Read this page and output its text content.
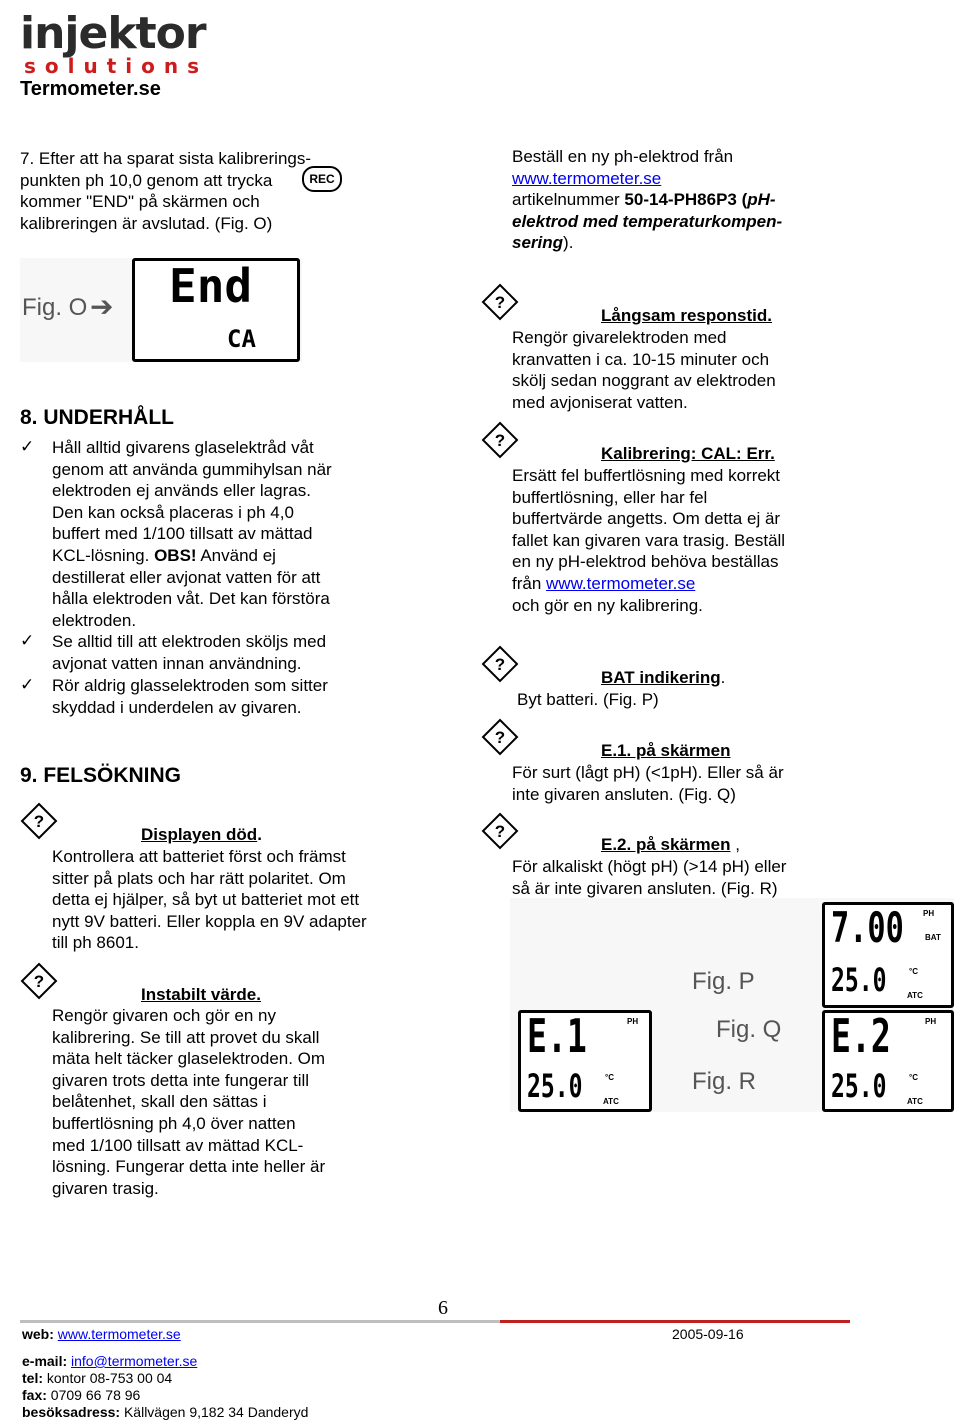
injektor
solutions
Termometer.se
7. Efter att ha sparat sista kalibrerings-
punkten ph 10,0 genom att trycka
kommer "END" på skärmen och
kalibreringen är avslutad. (Fig. O)
REC
Fig. O ➔ End
CA
8. UNDERHÅLL
✓ Håll alltid givarens glaselektråd våt
genom att använda gummihylsan när
elektroden ej används eller lagras.
Den kan också placeras i ph 4,0
buffert med 1/100 tillsatt av mättad
KCL-lösning. OBS! Använd ej
destillerat eller avjonat vatten för att
hålla elektroden våt. Det kan förstöra
elektroden.
✓ Se alltid till att elektroden sköljs med
avjonat vatten innan användning.
✓ Rör aldrig glasselektroden som sitter
skyddad i underdelen av givaren.
9. FELSÖKNING
?
Displayen död.
Kontrollera att batteriet först och främst
sitter på plats och har rätt polaritet. Om
detta ej hjälper, så byt ut batteriet mot ett
nytt 9V batteri. Eller koppla en 9V adapter
till ph 8601.
?
Instabilt värde.
Rengör givaren och gör en ny
kalibrering. Se till att provet du skall
mäta helt täcker glaselektroden. Om
givaren trots detta inte fungerar till
belåtenhet, skall den sättas i
buffertlösning ph 4,0 över natten
med 1/100 tillsatt av mättad KCL-
lösning. Fungerar detta inte heller är
givaren trasig.
Beställ en ny ph-elektrod från
www.termometer.se
artikelnummer 50-14-PH86P3 (pH-
elektrod med temperaturkompen-
sering).
?
Långsam responstid.
Rengör givarelektroden med
kranvatten i ca. 10-15 minuter och
skölj sedan noggrant av elektroden
med avjoniserat vatten.
?
Kalibrering: CAL: Err.
Ersätt fel buffertlösning med korrekt
buffertlösning, eller har fel
buffertvärde angetts. Om detta ej är
fallet kan givaren vara trasig. Beställ
en ny pH-elektrod behöva beställas
från www.termometer.se
och gör en ny kalibrering.
?
BAT indikering.
Byt batteri. (Fig. P)
?
E.1. på skärmen
För surt (lågt pH) (<1pH). Eller så är
inte givaren ansluten. (Fig. Q)
?
E.2. på skärmen ,
För alkaliskt (högt pH) (>14 pH) eller
så är inte givaren ansluten. (Fig. R)
7.00 PH
BAT
25.0	°C
ATC
Fig. P
E.1	PH
25.0	°C
ATC
Fig. Q E.2	PH
25.0	°C
ATC
Fig. R
6
web: www.termometer.se	2005-09-16
e-mail: info@termometer.se
tel: kontor 08-753 00 04
fax: 0709 66 78 96
besöksadress: Källvägen 9,182 34 Danderyd
